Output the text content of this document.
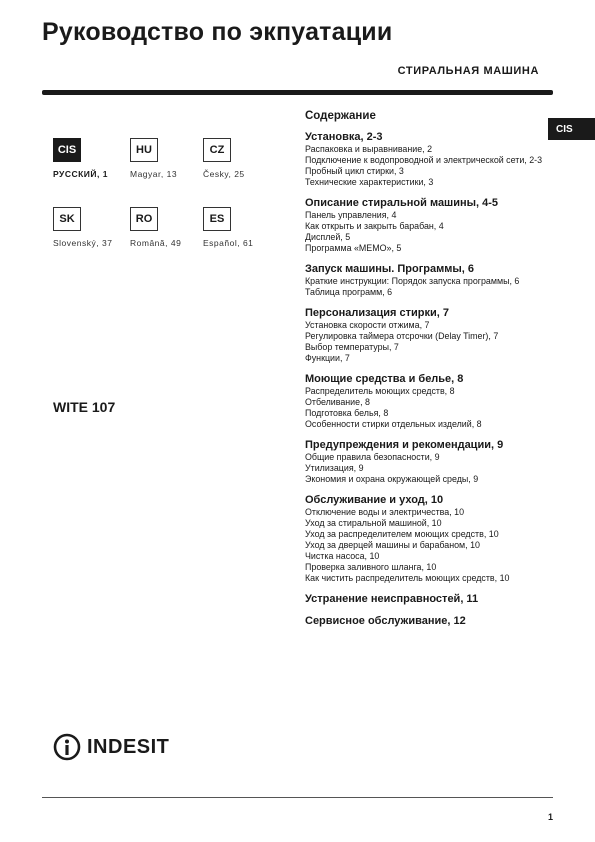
Руководство по экпуатации
СТИРАЛЬНАЯ МАШИНА
CIS
CIS
РУССКИЙ, 1
HU
Magyar, 13
CZ
Česky, 25
SK
Slovenský, 37
RO
Română, 49
ES
Español, 61
WITE 107
Содержание
Установка, 2-3
Распаковка и выравнивание, 2
Подключение к водопроводной и электрической сети, 2-3
Пробный цикл стирки, 3
Технические характеристики, 3
Описание стиральной машины, 4-5
Панель управления, 4
Как открыть и закрыть барабан, 4
Дисплей, 5
Программа «MEMO», 5
Запуск машины. Программы, 6
Краткие инструкции: Порядок запуска программы, 6
Таблица программ, 6
Персонализация стирки, 7
Установка скорости отжима, 7
Регулировка таймера отсрочки (Delay Timer), 7
Выбор температуры, 7
Функции, 7
Моющие средства и белье, 8
Распределитель моющих средств, 8
Отбеливание, 8
Подготовка белья, 8
Особенности стирки отдельных изделий, 8
Предупреждения и рекомендации, 9
Общие правила безопасности, 9
Утилизация, 9
Экономия и охрана окружающей среды, 9
Обслуживание и уход, 10
Отключение воды и электричества, 10
Уход за стиральной машиной, 10
Уход за распределителем моющих средств, 10
Уход за дверцей машины и барабаном, 10
Чистка насоса, 10
Проверка заливного шланга, 10
Как чистить распределитель моющих средств, 10
Устранение неисправностей, 11
Сервисное обслуживание, 12
INDESIT
1
